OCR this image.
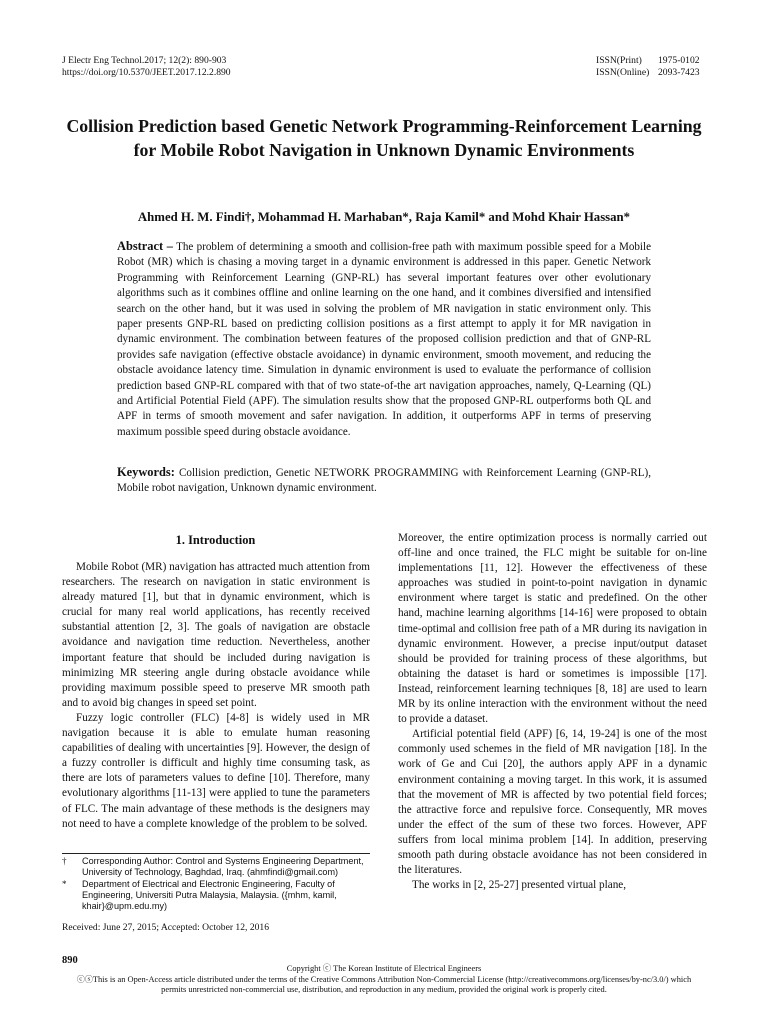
J Electr Eng Technol.2017; 12(2): 890-903
https://doi.org/10.5370/JEET.2017.12.2.890
ISSN(Print) 1975-0102
ISSN(Online) 2093-7423
Collision Prediction based Genetic Network Programming-Reinforcement Learning for Mobile Robot Navigation in Unknown Dynamic Environments
Ahmed H. M. Findi†, Mohammad H. Marhaban*, Raja Kamil* and Mohd Khair Hassan*
Abstract – The problem of determining a smooth and collision-free path with maximum possible speed for a Mobile Robot (MR) which is chasing a moving target in a dynamic environment is addressed in this paper. Genetic Network Programming with Reinforcement Learning (GNP-RL) has several important features over other evolutionary algorithms such as it combines offline and online learning on the one hand, and it combines diversified and intensified search on the other hand, but it was used in solving the problem of MR navigation in static environment only. This paper presents GNP-RL based on predicting collision positions as a first attempt to apply it for MR navigation in dynamic environment. The combination between features of the proposed collision prediction and that of GNP-RL provides safe navigation (effective obstacle avoidance) in dynamic environment, smooth movement, and reducing the obstacle avoidance latency time. Simulation in dynamic environment is used to evaluate the performance of collision prediction based GNP-RL compared with that of two state-of-the art navigation approaches, namely, Q-Learning (QL) and Artificial Potential Field (APF). The simulation results show that the proposed GNP-RL outperforms both QL and APF in terms of smooth movement and safer navigation. In addition, it outperforms APF in terms of preserving maximum possible speed during obstacle avoidance.
Keywords: Collision prediction, Genetic NETWORK PROGRAMMING with Reinforcement Learning (GNP-RL), Mobile robot navigation, Unknown dynamic environment.
1. Introduction

Mobile Robot (MR) navigation has attracted much attention from researchers. The research on navigation in static environment is already matured [1], but that in dynamic environment, which is crucial for many real world applications, has recently received substantial attention [2, 3]. The goals of navigation are obstacle avoidance and navigation time reduction. Nevertheless, another important feature that should be included during navigation is minimizing MR steering angle during obstacle avoidance while providing maximum possible speed to preserve MR smooth path and to avoid big changes in speed set point.

Fuzzy logic controller (FLC) [4-8] is widely used in MR navigation because it is able to emulate human reasoning capabilities of dealing with uncertainties [9]. However, the design of a fuzzy controller is difficult and highly time consuming task, as there are lots of parameters values to define [10]. Therefore, many evolutionary algorithms [11-13] were applied to tune the parameters of FLC. The main advantage of these methods is the designers may not need to have a complete knowledge of the problem to be solved.

Moreover, the entire optimization process is normally carried out off-line and once trained, the FLC might be suitable for on-line implementations [11, 12]. However the effectiveness of these approaches was studied in point-to-point navigation in dynamic environment where target is static and predefined. On the other hand, machine learning algorithms [14-16] were proposed to obtain time-optimal and collision free path of a MR during its navigation in dynamic environment. However, a precise input/output dataset should be provided for training process of these algorithms, but obtaining the dataset is hard or sometimes is impossible [17]. Instead, reinforcement learning techniques [8, 18] are used to learn MR by its online interaction with the environment without the need to provide a dataset.

Artificial potential field (APF) [6, 14, 19-24] is one of the most commonly used schemes in the field of MR navigation [18]. In the work of Ge and Cui [20], the authors apply APF in a dynamic environment containing a moving target. In this work, it is assumed that the movement of MR is affected by two potential field forces; the attractive force and repulsive force. Consequently, MR moves under the effect of the sum of these two forces. However, APF suffers from local minima problem [14]. In addition, preserving smooth path during obstacle avoidance has not been considered in the literatures.

The works in [2, 25-27] presented virtual plane,

†	Corresponding Author: Control and Systems Engineering Department, University of Technology, Baghdad, Iraq. (ahmfindi@gmail.com)
*	Department of Electrical and Electronic Engineering, Faculty of Engineering, Universiti Putra Malaysia, Malaysia. ({mhm, kamil, khair}@upm.edu.my)
Received: June 27, 2015; Accepted: October 12, 2016
890
Copyright ⓒ The Korean Institute of Electrical Engineers
ⓒⓢThis is an Open-Access article distributed under the terms of the Creative Commons Attribution Non-Commercial License (http://creativecommons.org/licenses/by-nc/3.0/) which permits unrestricted non-commercial use, distribution, and reproduction in any medium, provided the original work is properly cited.
